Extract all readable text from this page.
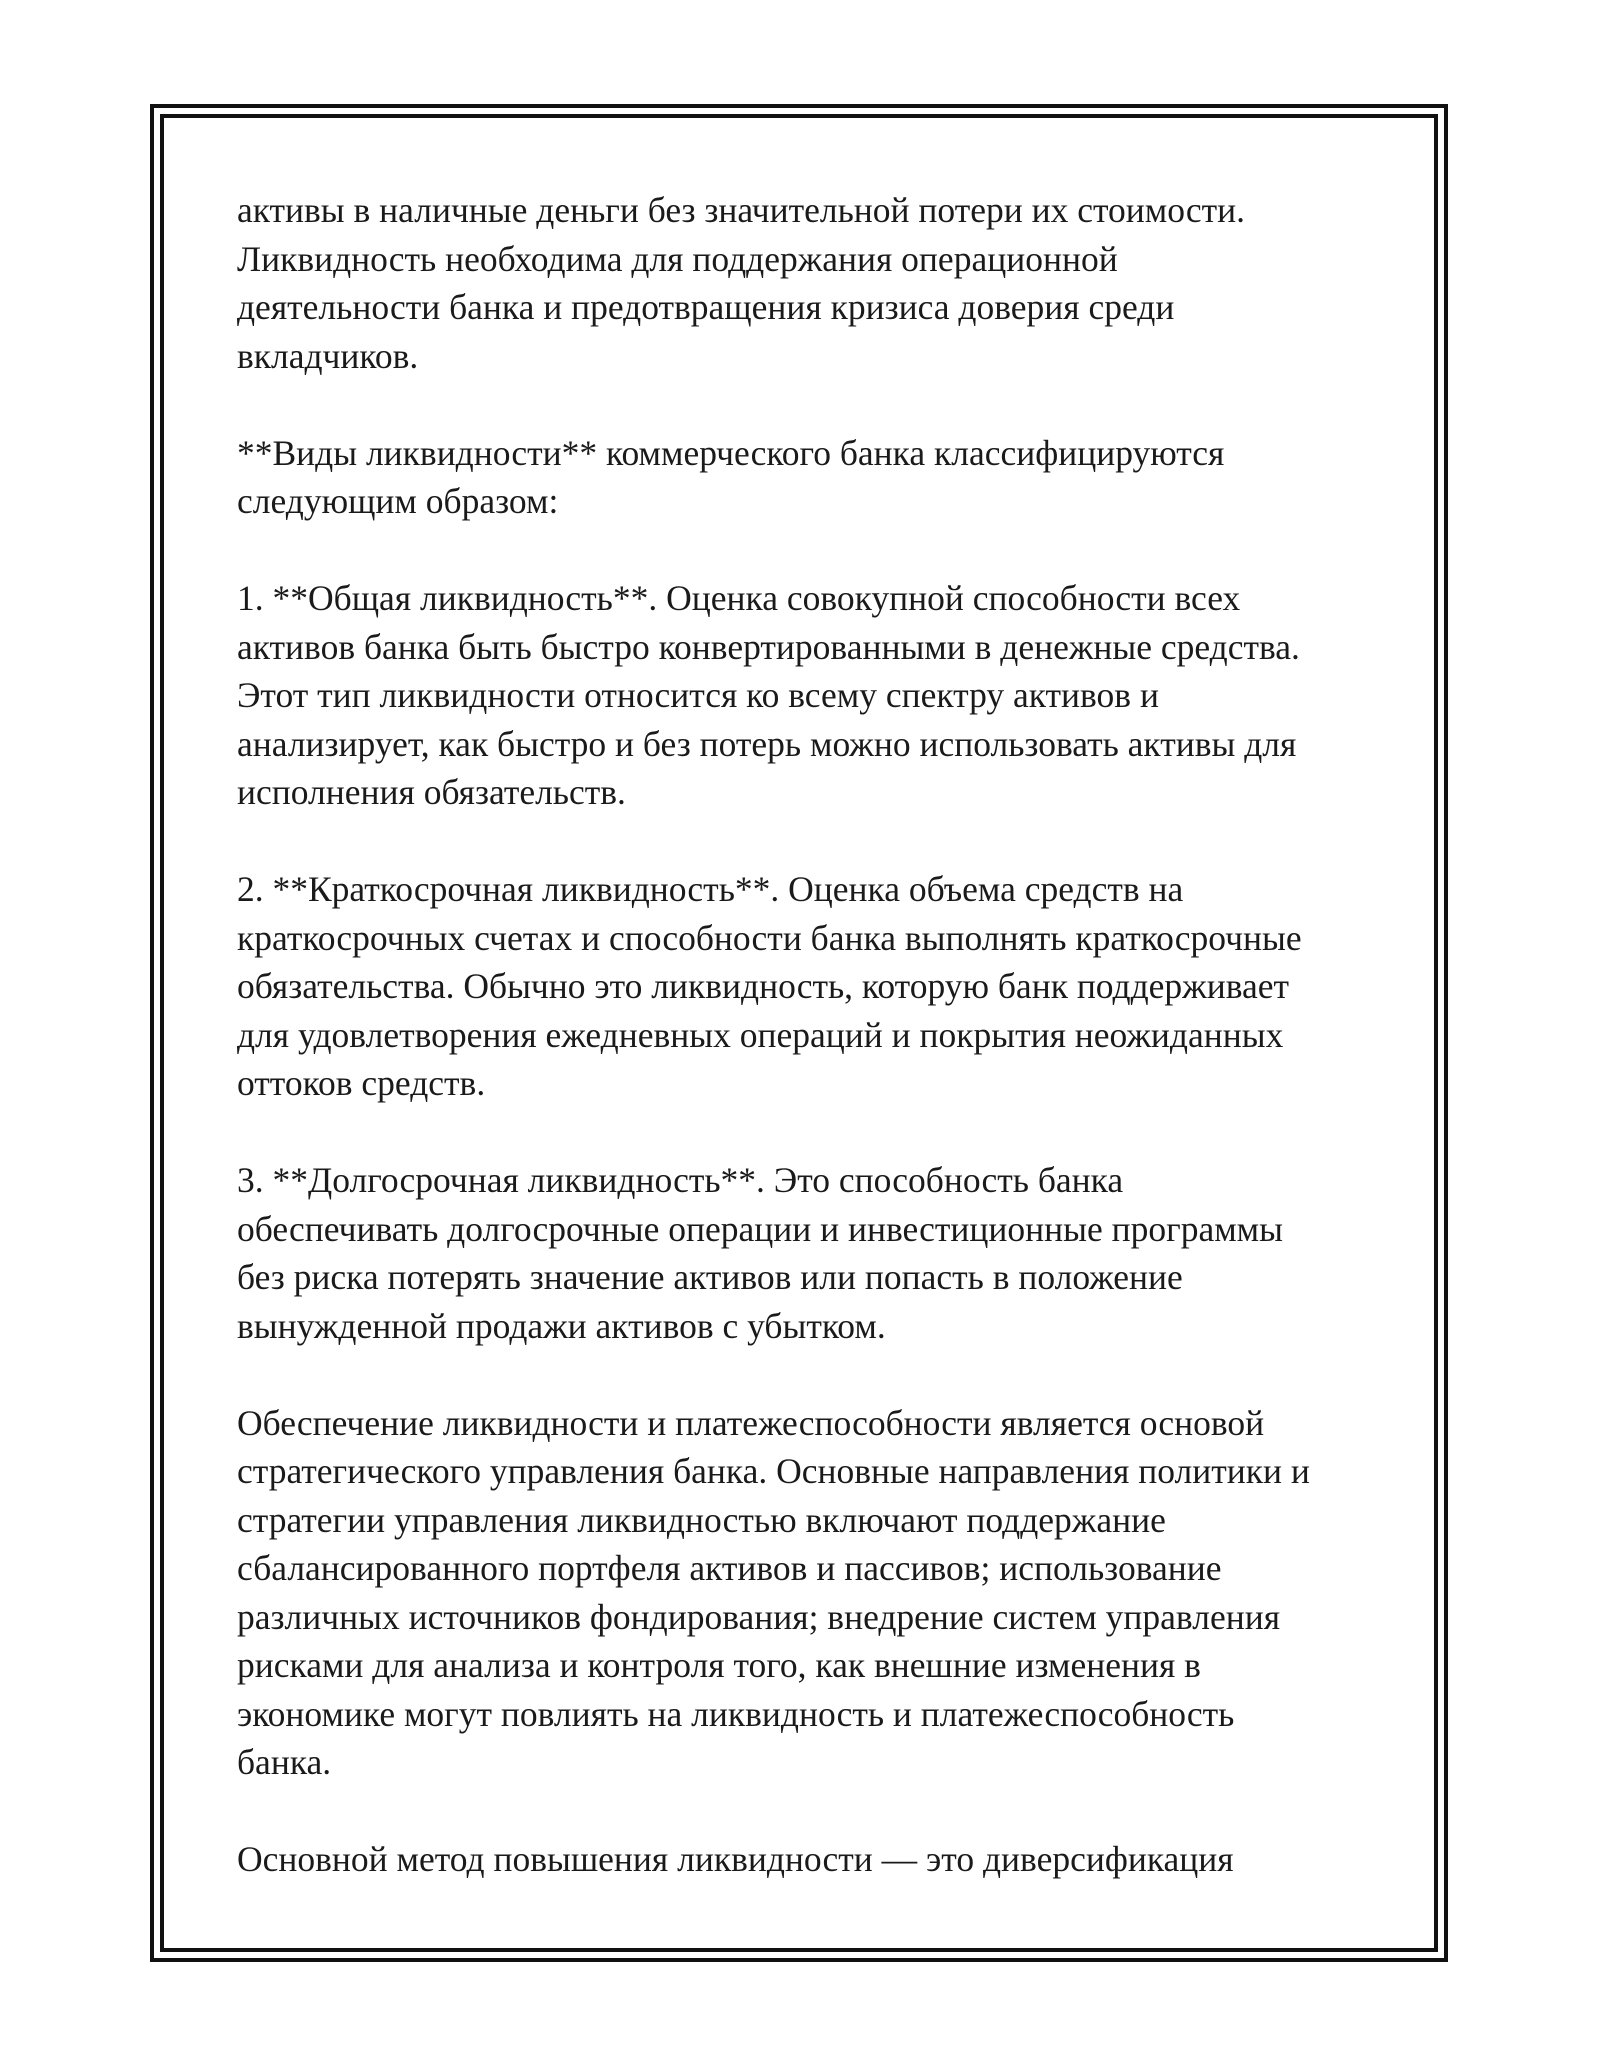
активы в наличные деньги без значительной потери их стоимости.
Ликвидность необходима для поддержания операционной
деятельности банка и предотвращения кризиса доверия среди
вкладчиков.

**Виды ликвидности** коммерческого банка классифицируются
следующим образом:

1. **Общая ликвидность**. Оценка совокупной способности всех
активов банка быть быстро конвертированными в денежные средства.
Этот тип ликвидности относится ко всему спектру активов и
анализирует, как быстро и без потерь можно использовать активы для
исполнения обязательств.

2. **Краткосрочная ликвидность**. Оценка объема средств на
краткосрочных счетах и способности банка выполнять краткосрочные
обязательства. Обычно это ликвидность, которую банк поддерживает
для удовлетворения ежедневных операций и покрытия неожиданных
оттоков средств.

3. **Долгосрочная ликвидность**. Это способность банка
обеспечивать долгосрочные операции и инвестиционные программы
без риска потерять значение активов или попасть в положение
вынужденной продажи активов с убытком.

Обеспечение ликвидности и платежеспособности является основой
стратегического управления банка. Основные направления политики и
стратегии управления ликвидностью включают поддержание
сбалансированного портфеля активов и пассивов; использование
различных источников фондирования; внедрение систем управления
рисками для анализа и контроля того, как внешние изменения в
экономике могут повлиять на ликвидность и платежеспособность
банка.

Основной метод повышения ликвидности — это диверсификация
